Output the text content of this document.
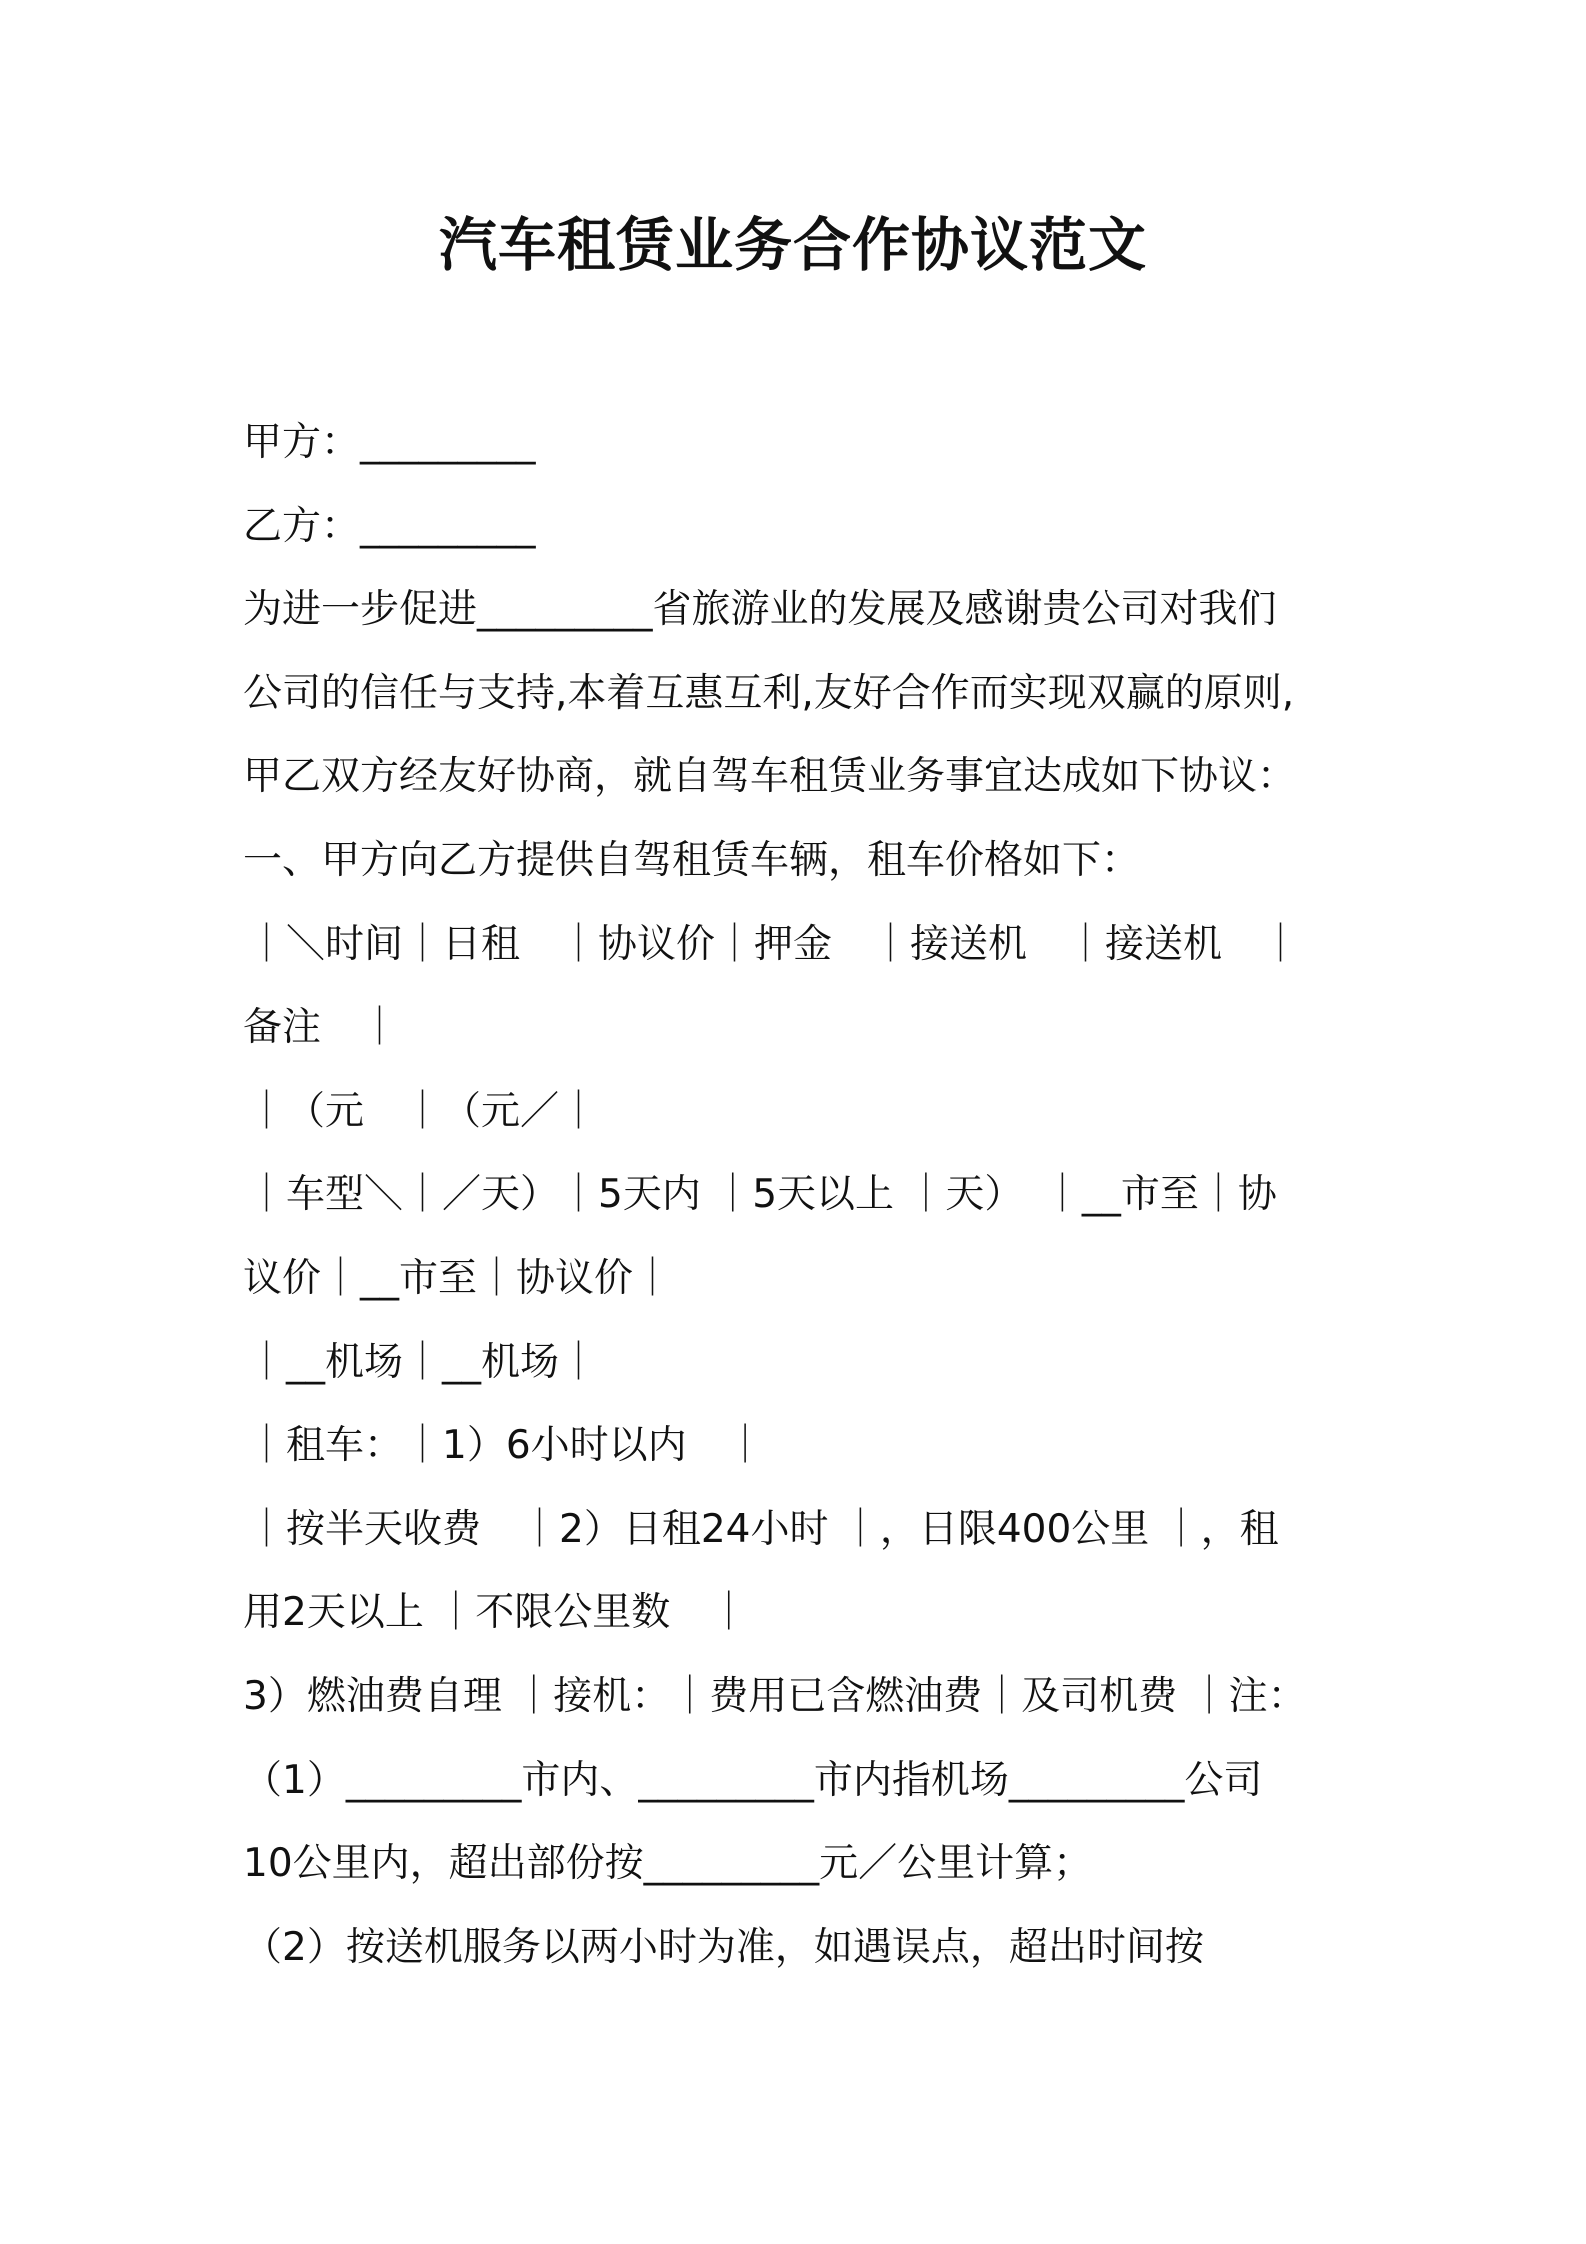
汽车租赁业务合作协议范文
甲方：_________
乙方：_________
为进一步促进_________省旅游业的发展及感谢贵公司对我们
公司的信任与支持,本着互惠互利,友好合作而实现双赢的原则,
甲乙双方经友好协商，就自驾车租赁业务事宜达成如下协议：
一、甲方向乙方提供自驾租赁车辆，租车价格如下：
｜＼时间｜日租　｜协议价｜押金　｜接送机　｜接送机　｜
备注　｜
｜（元　｜（元／｜
｜车型＼｜／天）｜5天内 ｜5天以上 ｜天）　｜__市至｜协
议价｜__市至｜协议价｜
｜__机场｜__机场｜
｜租车：｜1）6小时以内　｜
｜按半天收费　｜2）日租24小时 ｜，日限400公里 ｜，租
用2天以上 ｜不限公里数　｜
3）燃油费自理 ｜接机：｜费用已含燃油费｜及司机费 ｜注：
（1）_________市内、_________市内指机场_________公司
10公里内，超出部份按_________元／公里计算；
（2）按送机服务以两小时为准，如遇误点，超出时间按
